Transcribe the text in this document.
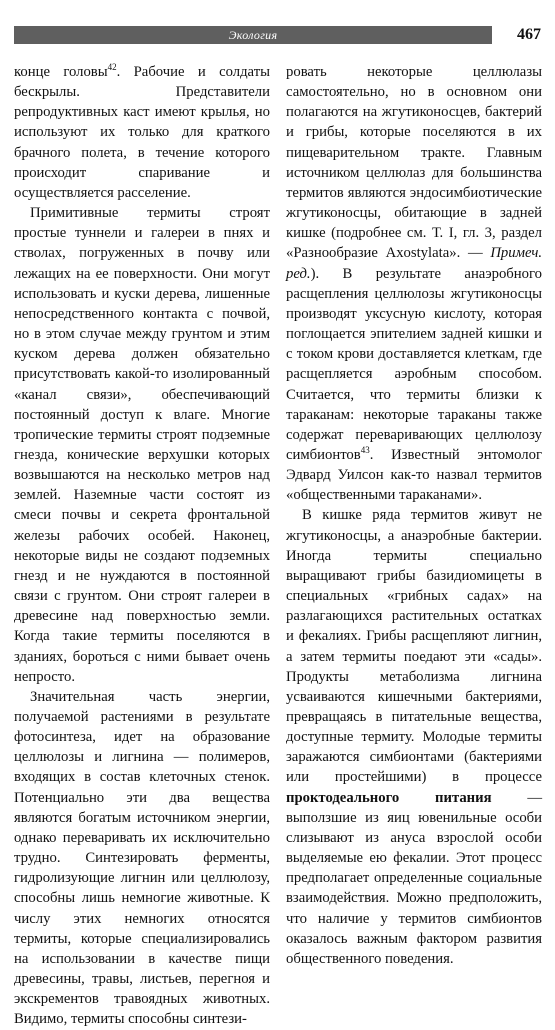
Экология	467

конце головы$^{42}$. Рабочие и солдаты бескрылы. Представители репродуктивных каст имеют крылья, но используют их только для краткого брачного полета, в течение которого происходит спаривание и осуществляется расселение.

Примитивные термиты строят простые туннели и галереи в пнях и стволах, погруженных в почву или лежащих на ее поверхности. Они могут использовать и куски дерева, лишенные непосредственного контакта с почвой, но в этом случае между грунтом и этим куском дерева должен обязательно присутствовать какой-то изолированный «канал связи», обеспечивающий постоянный доступ к влаге. Многие тропические термиты строят подземные гнезда, конические верхушки которых возвышаются на несколько метров над землей. Наземные части состоят из смеси почвы и секрета фронтальной железы рабочих особей. Наконец, некоторые виды не создают подземных гнезд и не нуждаются в постоянной связи с грунтом. Они строят галереи в древесине над поверхностью земли. Когда такие термиты поселяются в зданиях, бороться с ними бывает очень непросто.

Значительная часть энергии, получаемой растениями в результате фотосинтеза, идет на образование целлюлозы и лигнина — полимеров, входящих в состав клеточных стенок. Потенциально эти два вещества являются богатым источником энергии, однако переваривать их исключительно трудно. Синтезировать ферменты, гидролизующие лигнин или целлюлозу, способны лишь немногие животные. К числу этих немногих относятся термиты, которые специализировались на использовании в качестве пищи древесины, травы, листьев, перегноя и экскрементов травоядных животных. Видимо, термиты способны синтези-

ровать некоторые целлюлазы самостоятельно, но в основном они полагаются на жгутиконосцев, бактерий и грибы, которые поселяются в их пищеварительном тракте. Главным источником целлюлаз для большинства термитов являются эндосимбиотические жгутиконосцы, обитающие в задней кишке (подробнее см. Т. I, гл. 3, раздел «Разнообразие Axostylata». — Примеч. ред.). В результате анаэробного расщепления целлюлозы жгутиконосцы производят уксусную кислоту, которая поглощается эпителием задней кишки и с током крови доставляется клеткам, где расщепляется аэробным способом. Считается, что термиты близки к тараканам: некоторые тараканы также содержат переваривающих целлюлозу симбионтов$^{43}$. Известный энтомолог Эдвард Уилсон как-то назвал термитов «общественными тараканами».

В кишке ряда термитов живут не жгутиконосцы, а анаэробные бактерии. Иногда термиты специально выращивают грибы базидиомицеты в специальных «грибных садах» на разлагающихся растительных остатках и фекалиях. Грибы расщепляют лигнин, а затем термиты поедают эти «сады». Продукты метаболизма лигнина усваиваются кишечными бактериями, превращаясь в питательные вещества, доступные термиту. Молодые термиты заражаются симбионтами (бактериями или простейшими) в процессе проктодеального питания — выползшие из яиц ювенильные особи слизывают из ануса взрослой особи выделяемые ею фекалии. Этот процесс предполагает определенные социальные взаимодействия. Можно предположить, что наличие у термитов симбионтов оказалось важным фактором развития общественного поведения.
